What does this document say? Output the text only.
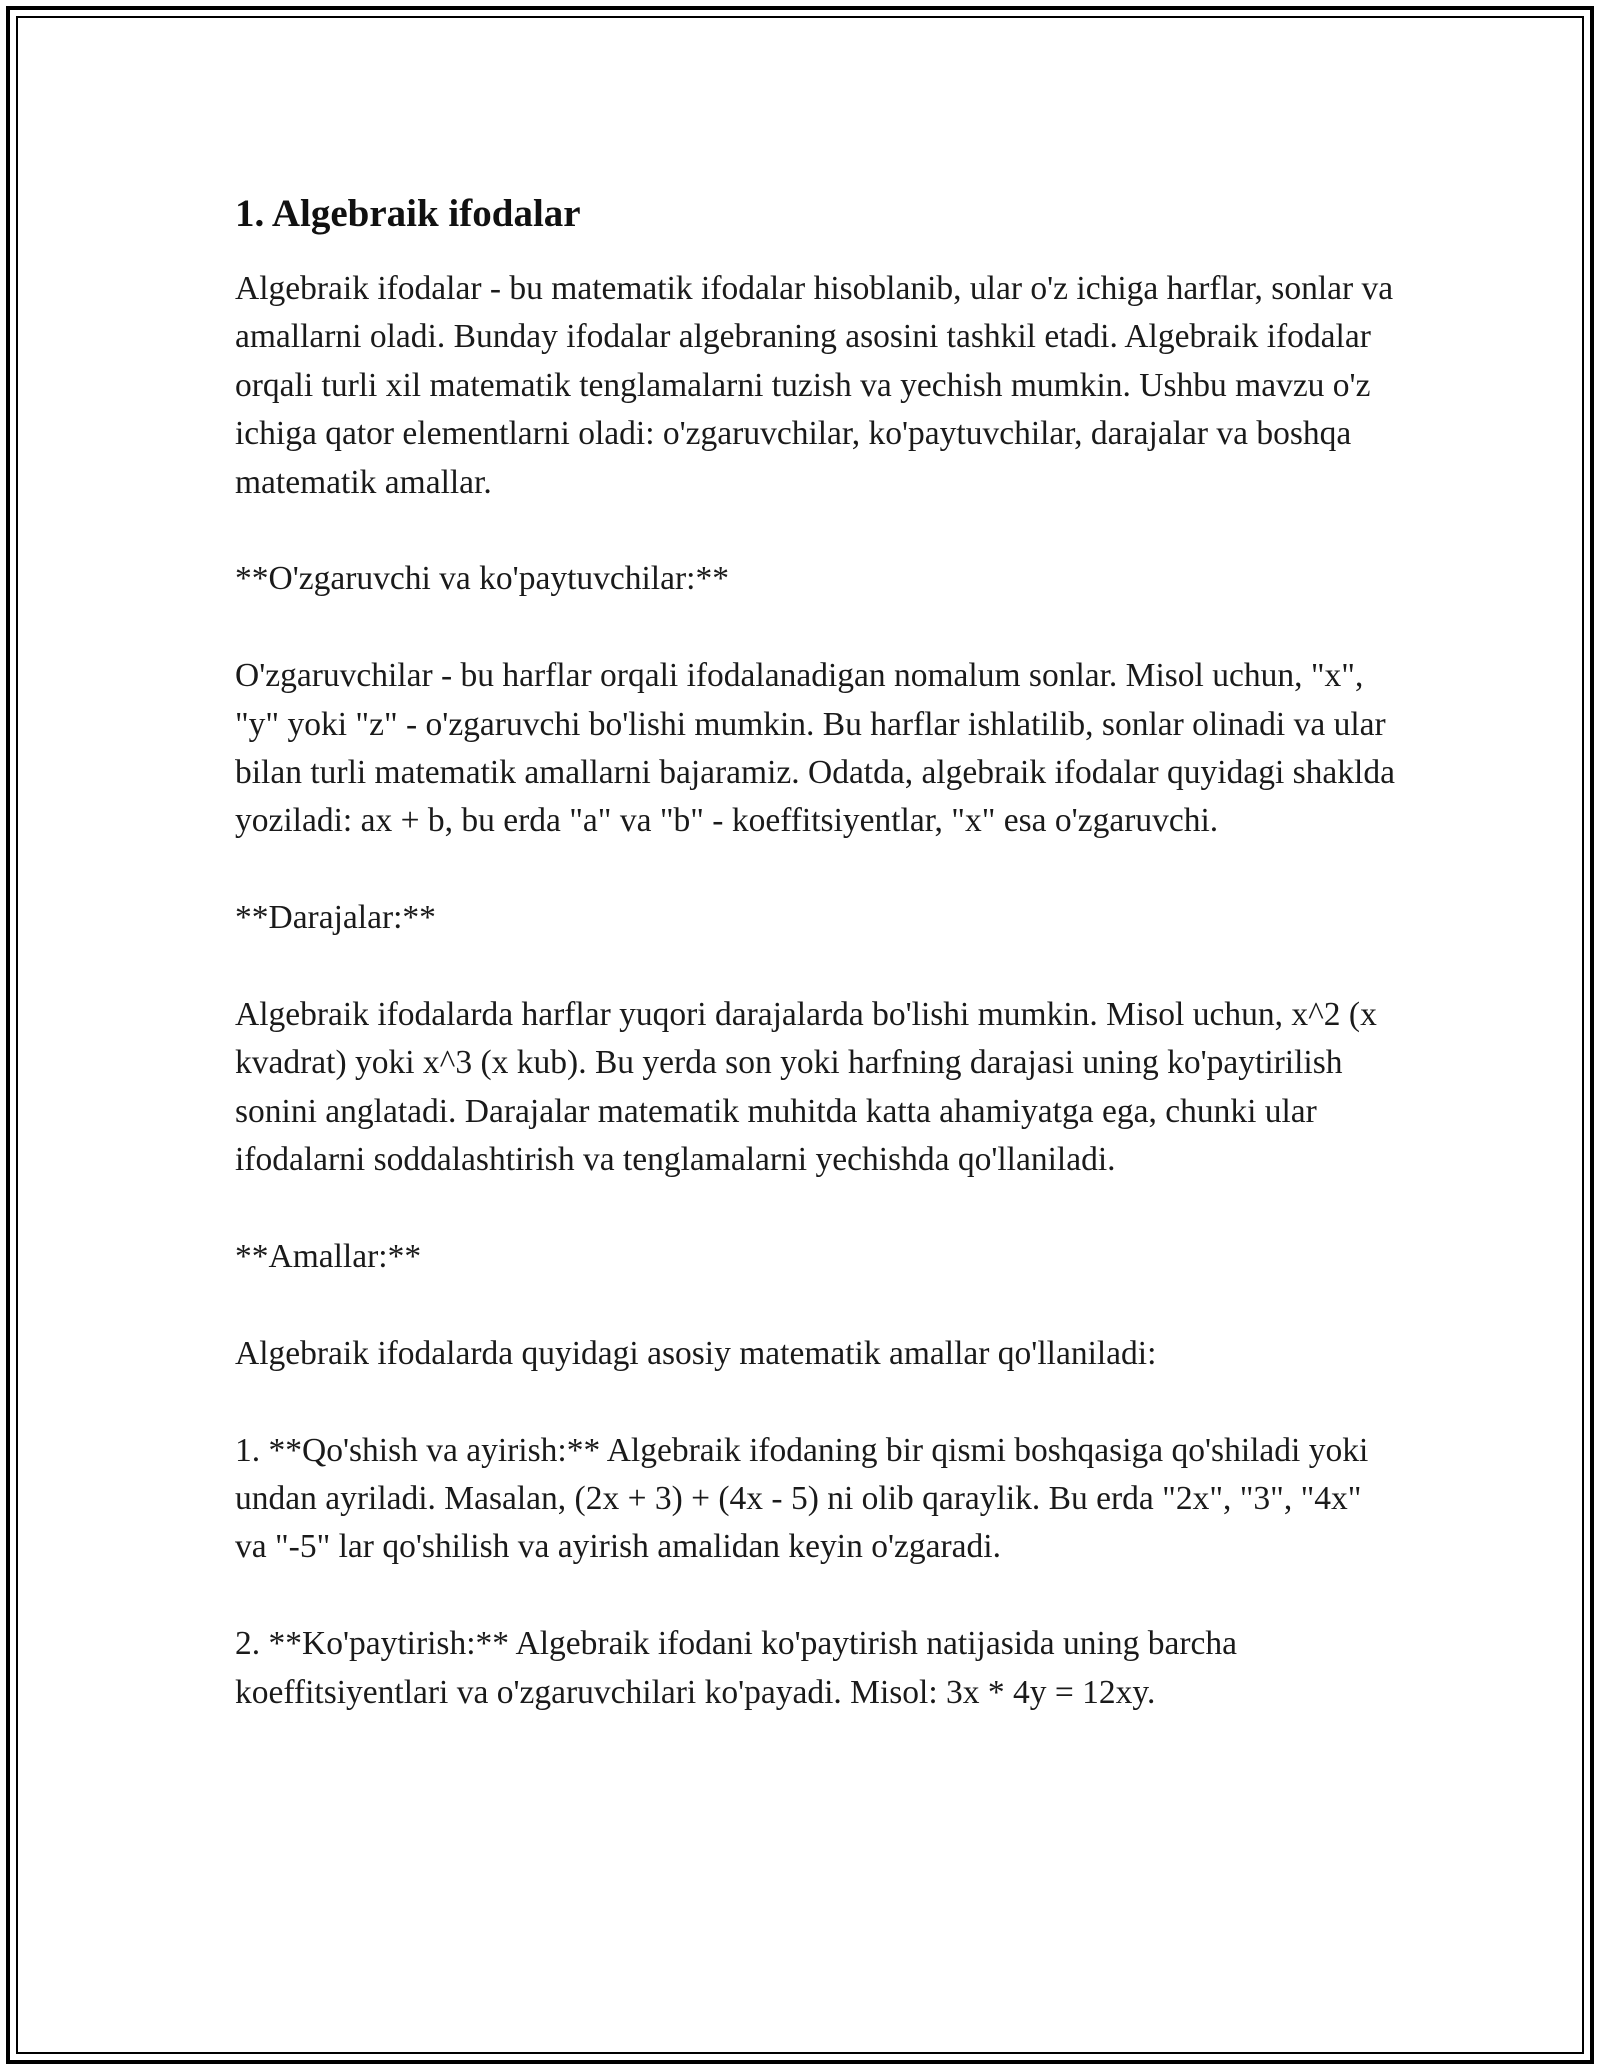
1. Algebraik ifodalar

Algebraik ifodalar - bu matematik ifodalar hisoblanib, ular o'z ichiga harflar, sonlar va amallarni oladi. Bunday ifodalar algebraning asosini tashkil etadi. Algebraik ifodalar orqali turli xil matematik tenglamalarni tuzish va yechish mumkin. Ushbu mavzu o'z ichiga qator elementlarni oladi: o'zgaruvchilar, ko'paytuvchilar, darajalar va boshqa matematik amallar.

**O'zgaruvchi va ko'paytuvchilar:**

O'zgaruvchilar - bu harflar orqali ifodalanadigan nomalum sonlar. Misol uchun, "x", "y" yoki "z" - o'zgaruvchi bo'lishi mumkin. Bu harflar ishlatilib, sonlar olinadi va ular bilan turli matematik amallarni bajaramiz. Odatda, algebraik ifodalar quyidagi shaklda yoziladi: ax + b, bu erda "a" va "b" - koeffitsiyentlar, "x" esa o'zgaruvchi.

**Darajalar:**

Algebraik ifodalarda harflar yuqori darajalarda bo'lishi mumkin. Misol uchun, x^2 (x kvadrat) yoki x^3 (x kub). Bu yerda son yoki harfning darajasi uning ko'paytirilish sonini anglatadi. Darajalar matematik muhitda katta ahamiyatga ega, chunki ular ifodalarni soddalashtirish va tenglamalarni yechishda qo'llaniladi.

**Amallar:**

Algebraik ifodalarda quyidagi asosiy matematik amallar qo'llaniladi:

1. **Qo'shish va ayirish:** Algebraik ifodaning bir qismi boshqasiga qo'shiladi yoki undan ayriladi. Masalan, (2x + 3) + (4x - 5) ni olib qaraylik. Bu erda "2x", "3", "4x" va "-5" lar qo'shilish va ayirish amalidan keyin o'zgaradi.

2. **Ko'paytirish:** Algebraik ifodani ko'paytirish natijasida uning barcha koeffitsiyentlari va o'zgaruvchilari ko'payadi. Misol: 3x * 4y = 12xy.
